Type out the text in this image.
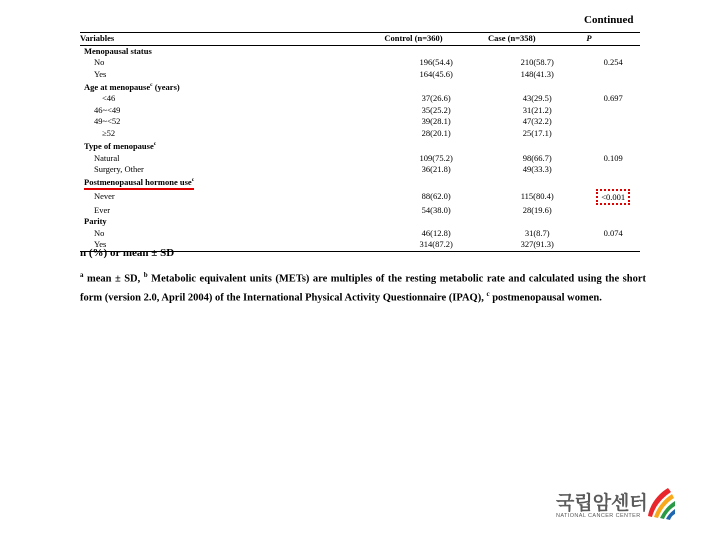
Continued
Variables	Control (n=360)	Case (n=358)	P
Menopausal status			
No	196(54.4)	210(58.7)	0.254
Yes	164(45.6)	148(41.3)	
Age at menopause$^c$ (years)			
<46	37(26.6)	43(29.5)	0.697
46~<49	35(25.2)	31(21.2)	
49~<52	39(28.1)	47(32.2)	
≥52	28(20.1)	25(17.1)	
Type of menopause$^c$			
Natural	109(75.2)	98(66.7)	0.109
Surgery, Other	36(21.8)	49(33.3)	
Postmenopausal hormone use$^c$			
Never	88(62.0)	115(80.4)	<0.001
Ever	54(38.0)	28(19.6)	
Parity			
No	46(12.8)	31(8.7)	0.074
Yes	314(87.2)	327(91.3)	
n (%) or mean ± SD
$^a$ mean ± SD, $^b$ Metabolic equivalent units (METs) are multiples of the resting metabolic rate and calculated using the short form (version 2.0, April 2004) of the International Physical Activity Questionnaire (IPAQ), $^c$ postmenopausal women.
국립암센터
NATIONAL CANCER CENTER
